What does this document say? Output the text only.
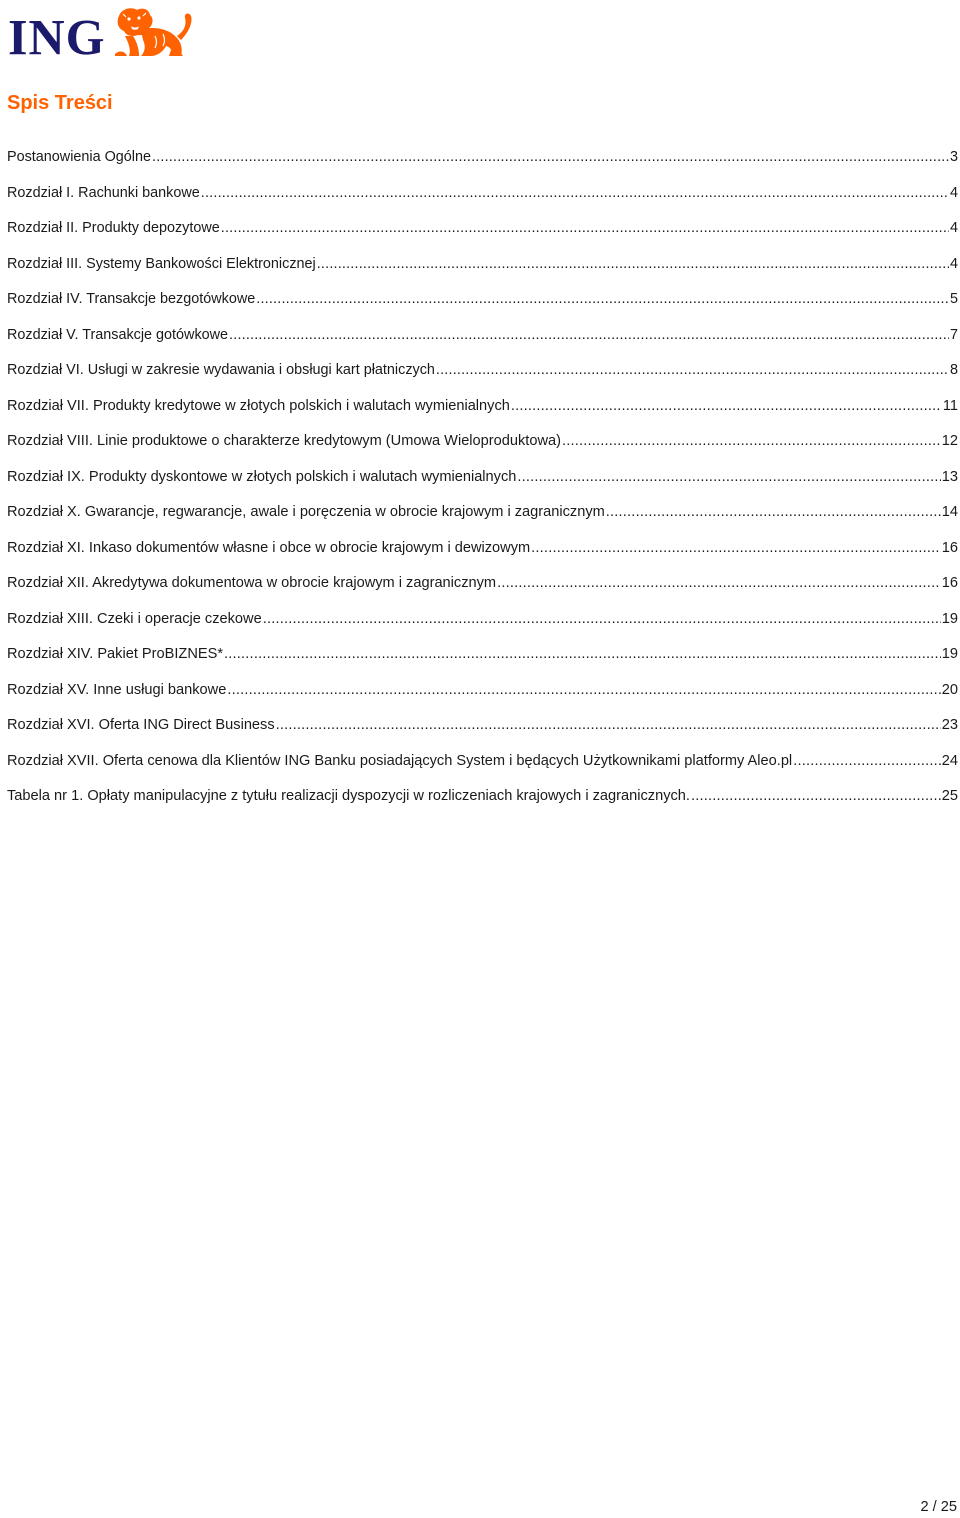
ING
Spis Treści
Postanowienia Ogólne .....	3
Rozdział I. Rachunki bankowe .....	4
Rozdział II. Produkty depozytowe .....	4
Rozdział III. Systemy Bankowości Elektronicznej .....	4
Rozdział IV. Transakcje bezgotówkowe .....	5
Rozdział V. Transakcje gotówkowe .....	7
Rozdział VI. Usługi w zakresie wydawania i obsługi kart płatniczych .....	8
Rozdział VII. Produkty kredytowe w złotych polskich i walutach wymienialnych .....	11
Rozdział VIII. Linie produktowe o charakterze kredytowym (Umowa Wieloproduktowa) .....	12
Rozdział IX. Produkty dyskontowe w złotych polskich i walutach wymienialnych .....	13
Rozdział X. Gwarancje, regwarancje, awale i poręczenia w obrocie krajowym i zagranicznym .....	14
Rozdział XI. Inkaso dokumentów własne i obce w obrocie krajowym i dewizowym .....	16
Rozdział XII. Akredytywa dokumentowa w obrocie krajowym i zagranicznym .....	16
Rozdział XIII. Czeki i operacje czekowe .....	19
Rozdział XIV. Pakiet ProBIZNES* .....	19
Rozdział XV. Inne usługi bankowe .....	20
Rozdział XVI. Oferta ING Direct Business .....	23
Rozdział XVII. Oferta cenowa dla Klientów ING Banku posiadających System i będących Użytkownikami platformy Aleo.pl .....	24
Tabela nr 1. Opłaty manipulacyjne z tytułu realizacji dyspozycji w rozliczeniach krajowych i zagranicznych. .....	25
2 / 25
